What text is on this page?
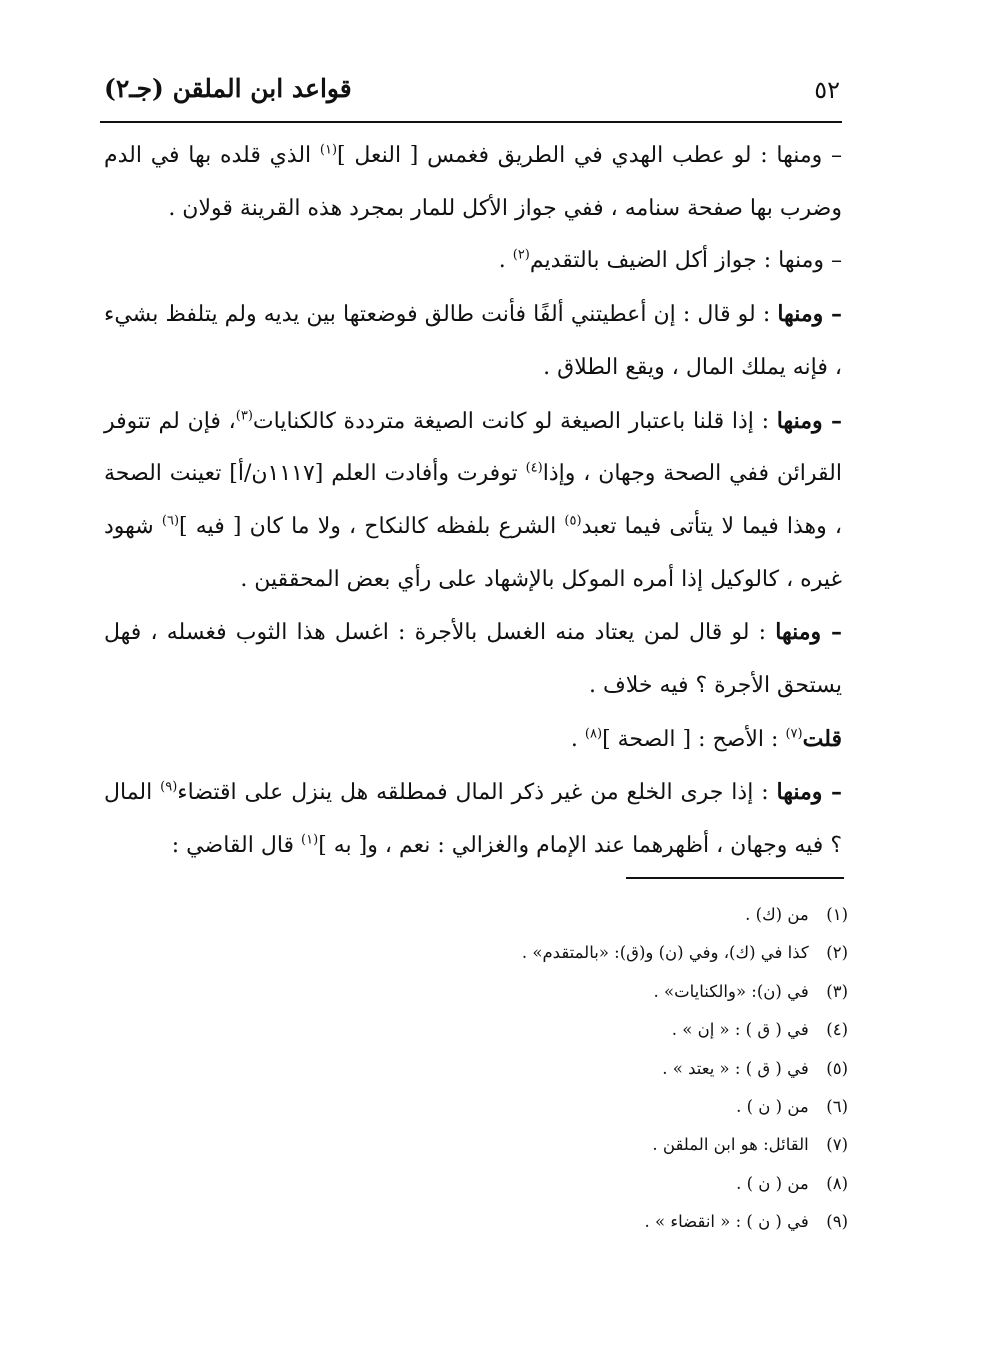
٥٢
قواعد ابن الملقن (جـ٢)

– ومنها : لو عطب الهدي في الطريق فغمس [ النعل ]$^{(١)}$ الذي قلده بها في الدم وضرب بها صفحة سنامه ، ففي جواز الأكل للمار بمجرد هذه القرينة قولان .

– ومنها : جواز أكل الضيف بالتقديم$^{(٢)}$ .

– ومنها : لو قال : إن أعطيتني ألفًا فأنت طالق فوضعتها بين يديه ولم يتلفظ بشيء ، فإنه يملك المال ، ويقع الطلاق .

– ومنها : إذا قلنا باعتبار الصيغة لو كانت الصيغة مترددة كالكنايات$^{(٣)}$، فإن لم تتوفر القرائن ففي الصحة وجهان ، وإذا$^{(٤)}$ توفرت وأفادت العلم [١١١٧ن/أ] تعينت الصحة ، وهذا فيما لا يتأتى فيما تعبد$^{(٥)}$ الشرع بلفظه كالنكاح ، ولا ما كان [ فيه ]$^{(٦)}$ شهود غيره ، كالوكيل إذا أمره الموكل بالإشهاد على رأي بعض المحققين .

– ومنها : لو قال لمن يعتاد منه الغسل بالأجرة : اغسل هذا الثوب فغسله ، فهل يستحق الأجرة ؟ فيه خلاف .

قلت$^{(٧)}$ : الأصح : [ الصحة ]$^{(٨)}$ .

– ومنها : إذا جرى الخلع من غير ذكر المال فمطلقه هل ينزل على اقتضاء$^{(٩)}$ المال ؟ فيه وجهان ، أظهرهما عند الإمام والغزالي : نعم ، و[ به ]$^{(١)}$ قال القاضي :

(١) من (ك) .
(٢) كذا في (ك)، وفي (ن) و(ق): «بالمتقدم» .
(٣) في (ن): «والكنايات» .
(٤) في ( ق ) : « إن » .
(٥) في ( ق ) : « يعتد » .
(٦) من ( ن ) .
(٧) القائل: هو ابن الملقن .
(٨) من ( ن ) .
(٩) في ( ن ) : « انقضاء » .
